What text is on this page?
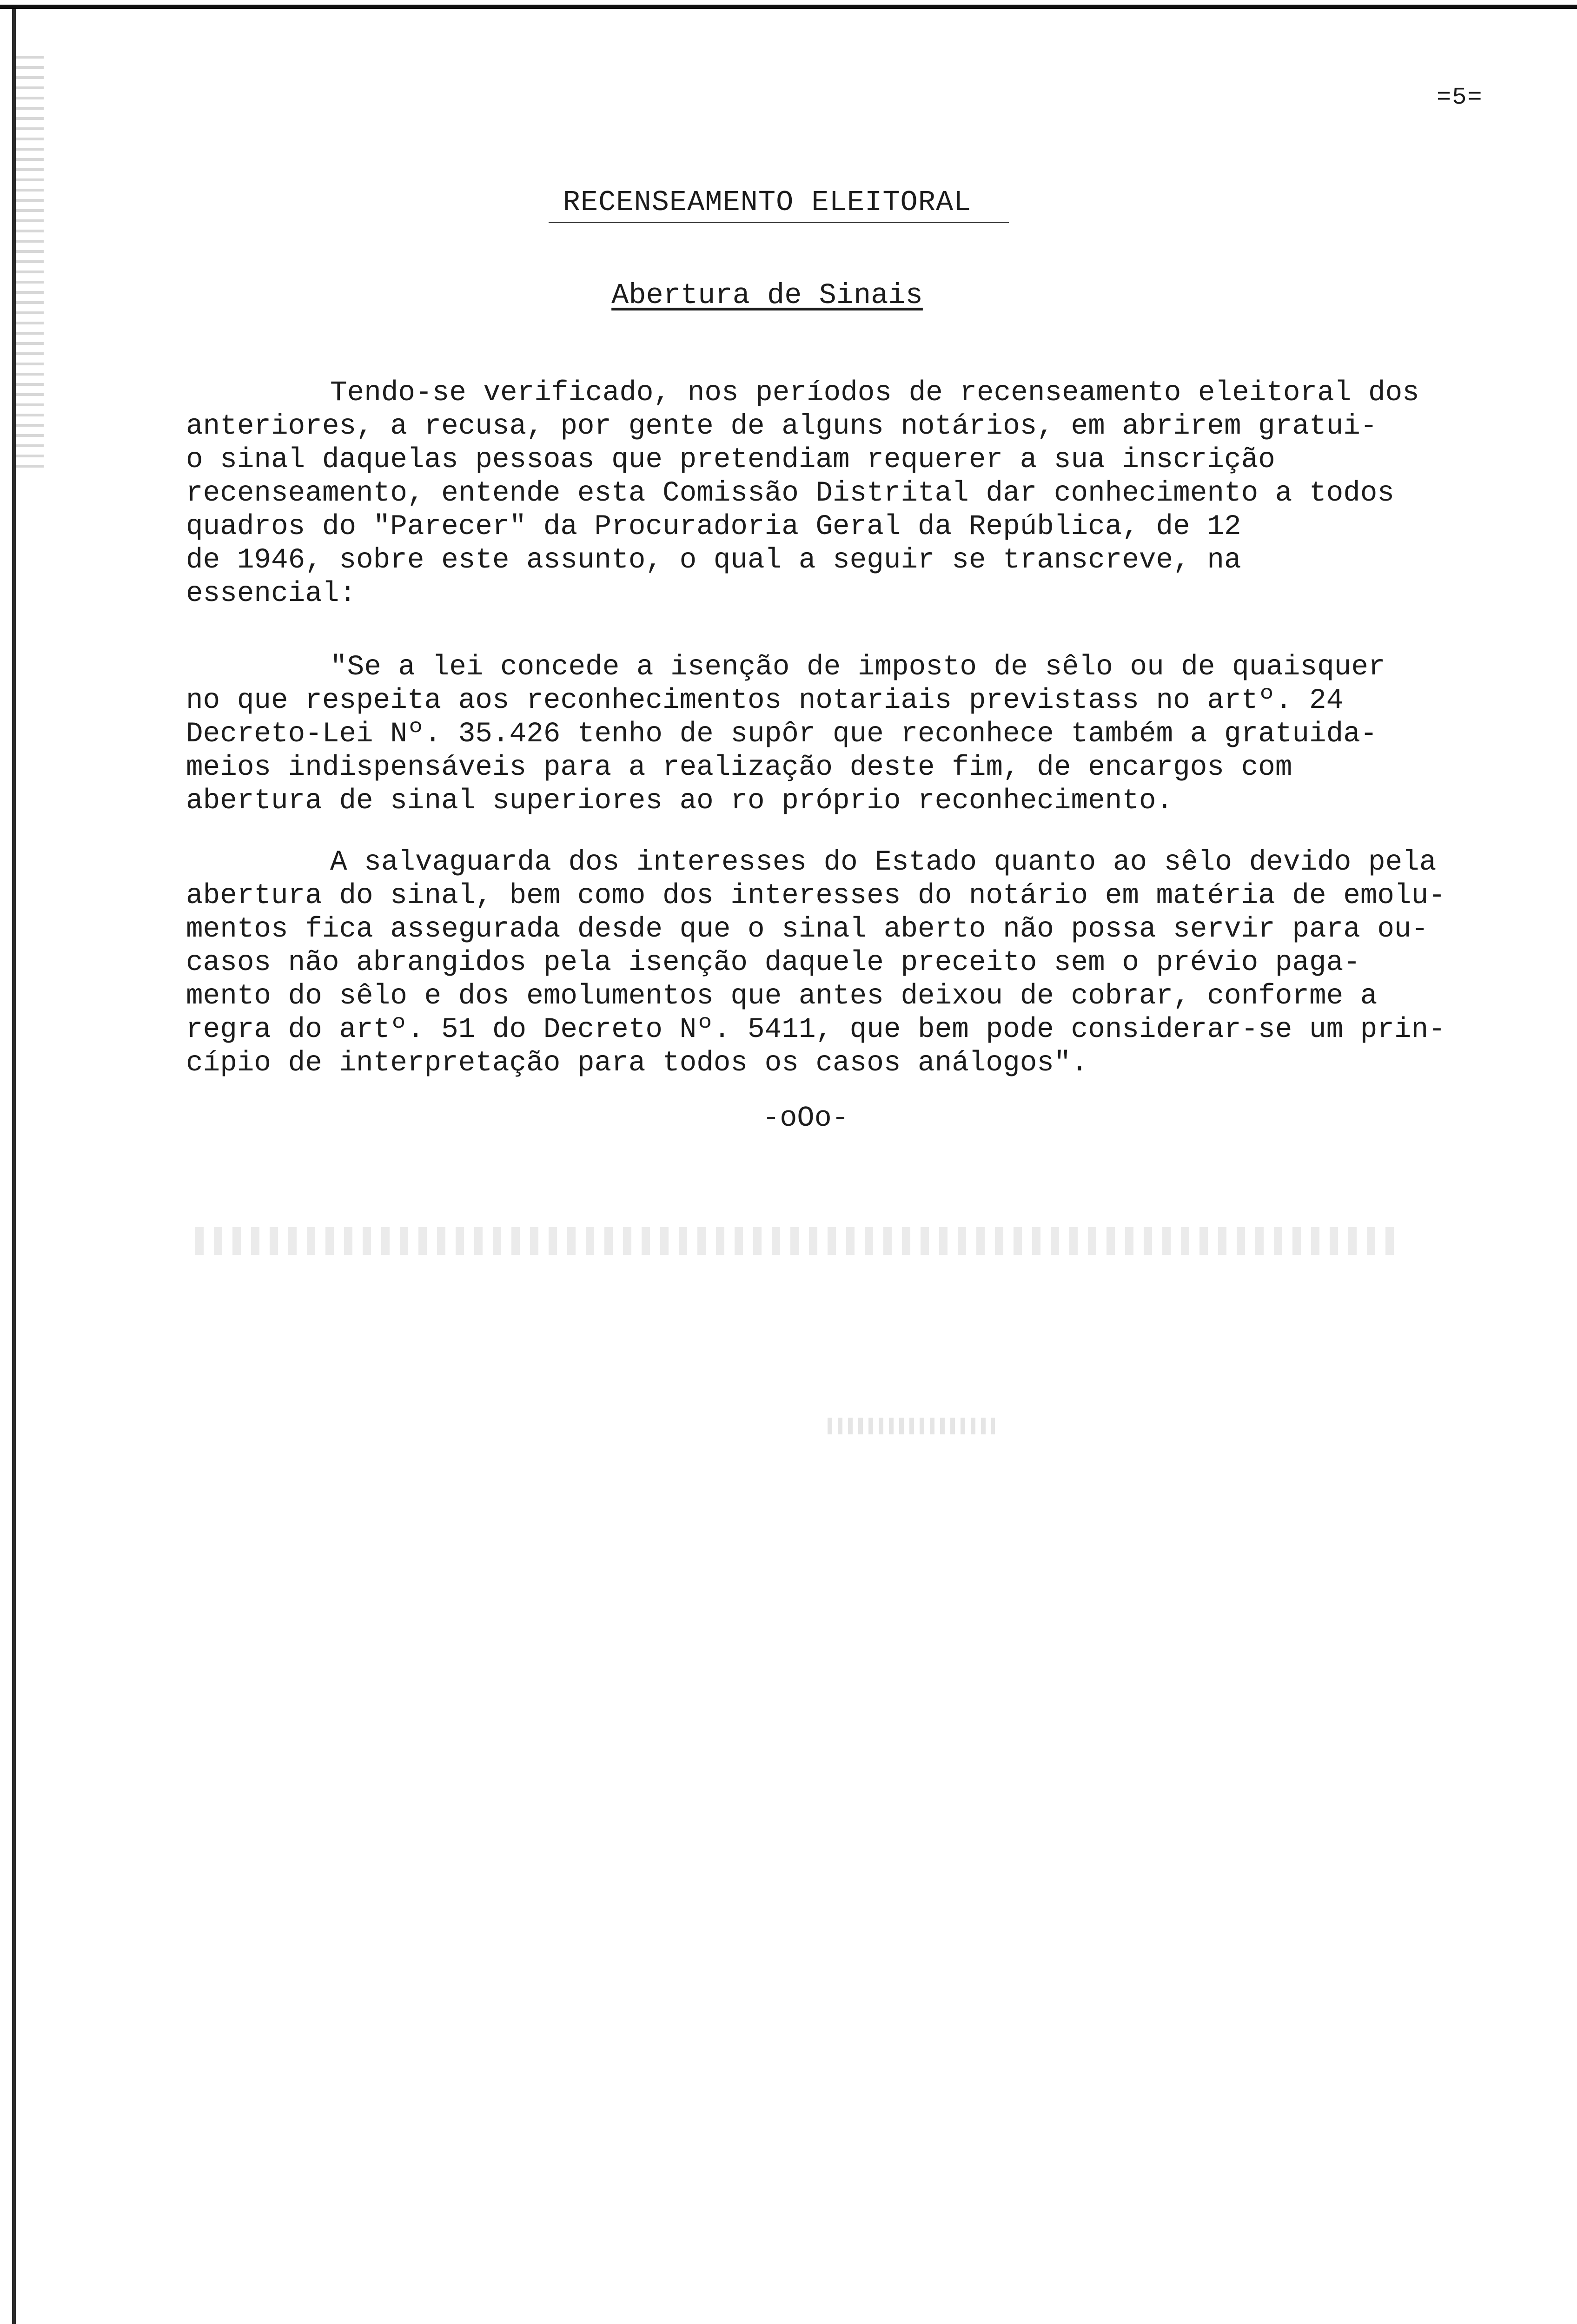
=5=
RECENSEAMENTO ELEITORAL
Abertura de Sinais
Tendo-se verificado, nos períodos de recenseamento eleitoral dos
anteriores, a recusa, por gente de alguns notários, em abrirem gratui-
o sinal daquelas pessoas que pretendiam requerer a sua inscrição
recenseamento, entende esta Comissão Distrital dar conhecimento a todos
quadros do "Parecer" da Procuradoria Geral da República, de 12
de 1946, sobre este assunto, o qual a seguir se transcreve, na
essencial:
"Se a lei concede a isenção de imposto de sêlo ou de quaisquer
no que respeita aos reconhecimentos notariais previstass no artº. 24
Decreto-Lei Nº. 35.426 tenho de supôr que reconhece também a gratuida-
meios indispensáveis para a realização deste fim, de encargos com
abertura de sinal superiores ao ro próprio reconhecimento.
A salvaguarda dos interesses do Estado quanto ao sêlo devido pela
abertura do sinal, bem como dos interesses do notário em matéria de emolu-
mentos fica assegurada desde que o sinal aberto não possa servir para ou-
casos não abrangidos pela isenção daquele preceito sem o prévio paga-
mento do sêlo e dos emolumentos que antes deixou de cobrar, conforme a
regra do artº. 51 do Decreto Nº. 5411, que bem pode considerar-se um prin-
cípio de interpretação para todos os casos análogos".
-oOo-
